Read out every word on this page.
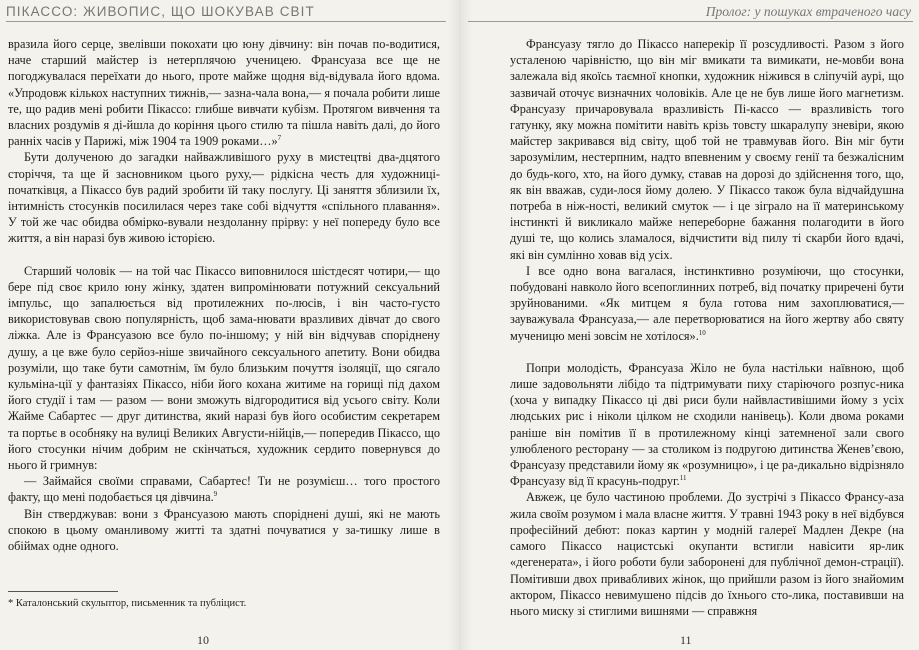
ПІКАССО: ЖИВОПИС, ЩО ШОКУВАВ СВІТ

вразила його серце, звелівши покохати цю юну дівчину: він почав по-водитися, наче старший майстер із нетерплячою ученицею. Франсуаза все ще не погоджувалася переїхати до нього, проте майже щодня від-відувала його вдома. «Упродовж кількох наступних тижнів,— зазна-чала вона,— я почала робити лише те, що радив мені робити Пікассо: глибше вивчати кубізм. Протягом вивчення та власних роздумів я ді-йшла до коріння цього стилю та пішла навіть далі, до його ранніх часів у Парижі, між 1904 та 1909 роками…»$^7$

Бути долученою до загадки найважливішого руху в мистецтві два-дцятого сторіччя, та ще й засновником цього руху,— рідкісна честь для художниці-початківця, а Пікассо був радий зробити їй таку послугу. Ці заняття зблизили їх, інтимність стосунків посилилася через таке собі відчуття «спільного плавання». У той же час обидва обмірко-вували нездоланну прірву: у неї попереду було все життя, а він наразі був живою історією.

Старший чоловік — на той час Пікассо виповнилося шістдесят чотири,— що бере під своє крило юну жінку, здатен випромінювати потужний сексуальний імпульс, що запалюється від протилежних по-люсів, і він часто-густо використовував свою популярність, щоб зама-нювати вразливих дівчат до свого ліжка. Але із Франсуазою все було по-іншому; у ній він відчував споріднену душу, а це вже було серйоз-ніше звичайного сексуального апетиту. Вони обидва розуміли, що таке бути самотнім, їм було близьким почуття ізоляції, що сягало кульміна-ції у фантазіях Пікассо, ніби його кохана житиме на горищі під дахом його студії і там — разом — вони зможуть відгородитися від усього світу. Коли Жайме Сабартес — друг дитинства, який наразі був його особистим секретарем та портьє в особняку на вулиці Великих Августи-нійців,— попередив Пікассо, що його стосунки нічим добрим не скінчаться, художник сердито повернувся до нього й гримнув:

— Займайся своїми справами, Сабартес! Ти не розумієш… того простого факту, що мені подобається ця дівчина.$^9$

Він стверджував: вони з Франсуазою мають споріднені душі, які не мають спокою в цьому оманливому житті та здатні почуватися у за-тишку лише в обіймах одне одного.

* Каталонський скульптор, письменник та публіцист.
10
Пролог: у пошуках втраченого часу

Франсуазу тягло до Пікассо наперекір її розсудливості. Разом з його усталеною чарівністю, що він міг вмикати та вимикати, не-мовби вона залежала від якоїсь таємної кнопки, художник ніжився в сліпучій аурі, що зазвичай оточує визначних чоловіків. Але це не був лише його магнетизм. Франсуазу причаровувала вразливість Пі-кассо — вразливість того гатунку, яку можна помітити навіть крізь товсту шкаралупу зневіри, якою майстер закривався від світу, щоб той не травмував його. Він міг бути зарозумілим, нестерпним, надто впевненим у своєму генії та безжалісним до будь-кого, хто, на його думку, ставав на дорозі до здійснення того, що, як він вважав, суди-лося йому долею. У Пікассо також була відчайдушна потреба в ніж-ності, великий смуток — і це зіграло на її материнському інстинкті й викликало майже непереборне бажання полагодити в його душі те, що колись зламалося, відчистити від пилу ті скарби його вдачі, які він сумлінно ховав від усіх.

І все одно вона вагалася, інстинктивно розуміючи, що стосунки, побудовані навколо його всепоглинних потреб, від початку приречені бути зруйнованими. «Як митцем я була готова ним захоплюватися,— зауважувала Франсуаза,— але перетворюватися на його жертву або святу мученицю мені зовсім не хотілося».$^{10}$

Попри молодість, Франсуаза Жіло не була настільки наївною, щоб лише задовольняти лібідо та підтримувати пиху старіючого розпус-ника (хоча у випадку Пікассо ці дві риси були найвластивішими йому з усіх людських рис і ніколи цілком не сходили нанівець). Коли двома роками раніше він помітив її в протилежному кінці затемненої зали свого улюбленого ресторану — за столиком із подругою дитинства Женев’євою, Франсуазу представили йому як «розумницю», і це ра-дикально відрізняло Франсуазу від її красунь-подруг.$^{11}$

Авжеж, це було частиною проблеми. До зустрічі з Пікассо Франсу-аза жила своїм розумом і мала власне життя. У травні 1943 року в неї відбувся професійний дебют: показ картин у модній галереї Мадлен Декре (на самого Пікассо нацистські окупанти встигли навісити яр-лик «дегенерата», і його роботи були заборонені для публічної демон-страції). Помітивши двох привабливих жінок, що прийшли разом із його знайомим актором, Пікассо невимушено підсів до їхнього сто-лика, поставивши на нього миску зі стиглими вишнями — справжня

11
